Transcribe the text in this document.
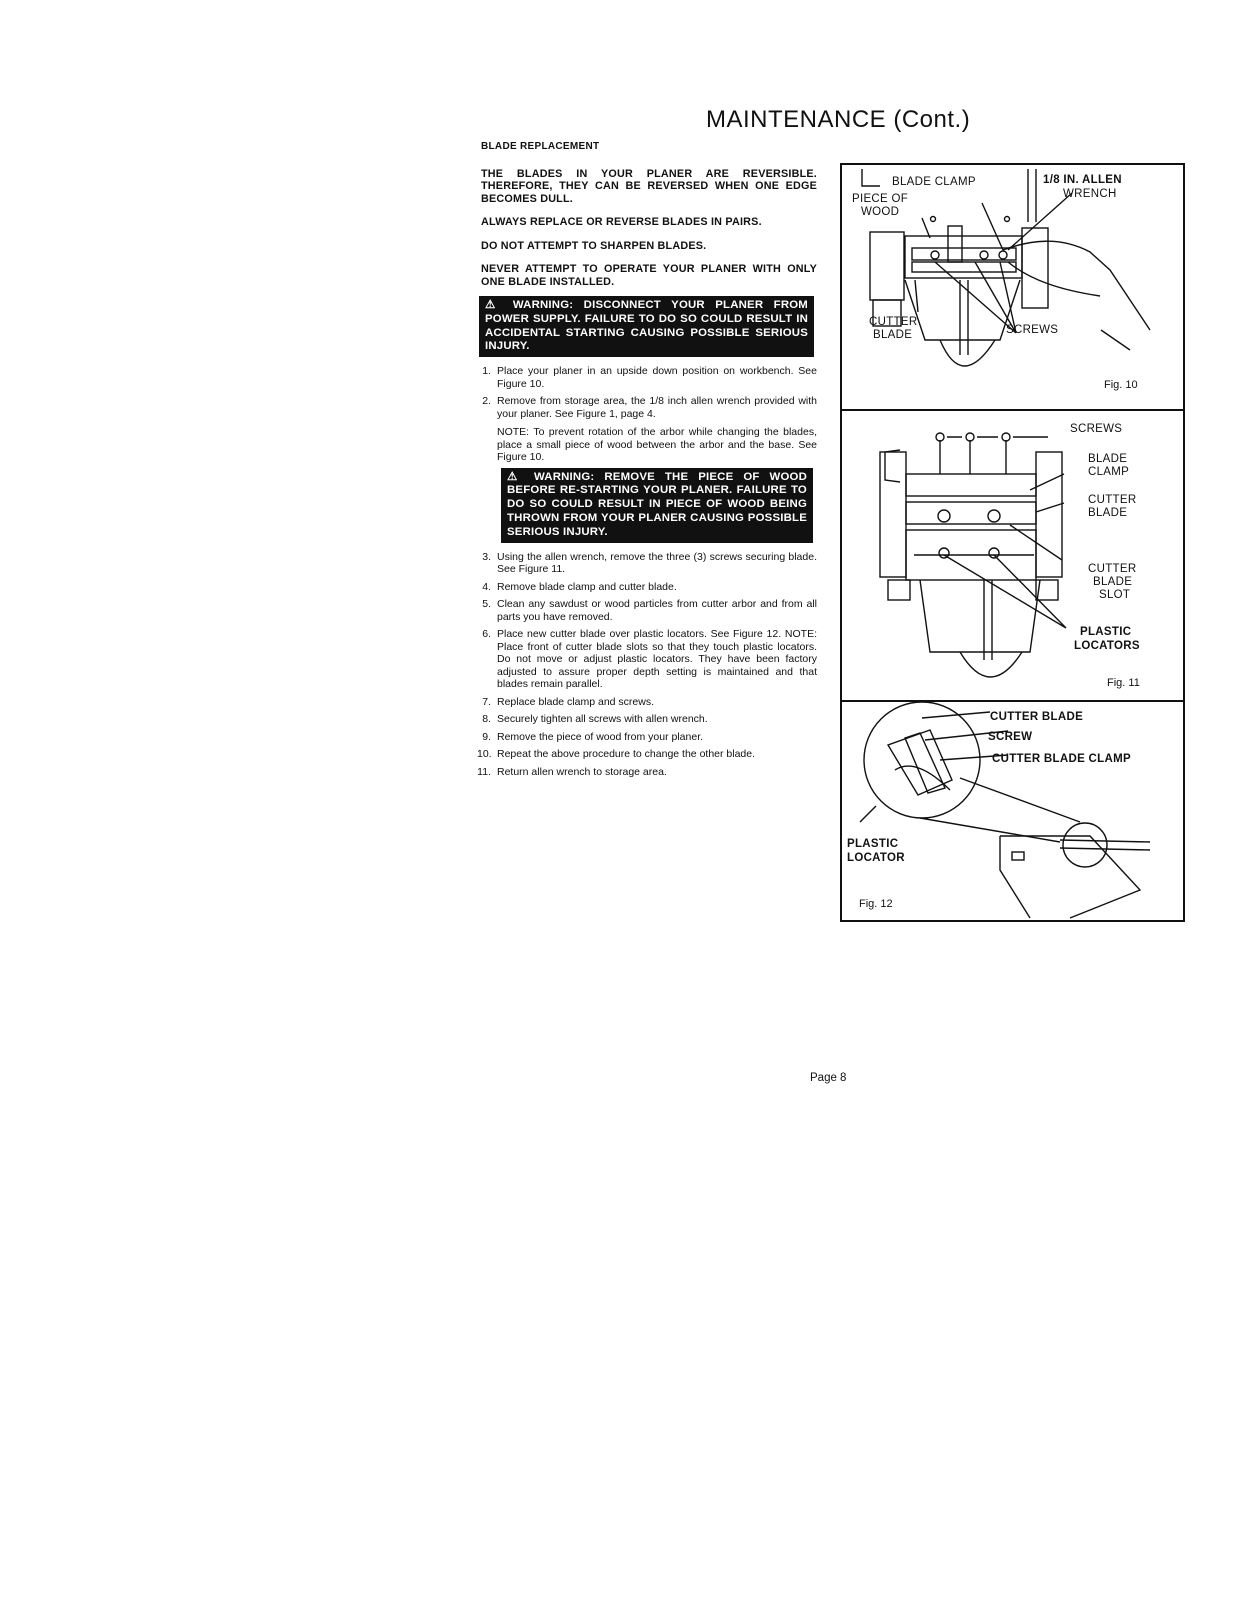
MAINTENANCE (Cont.)
BLADE REPLACEMENT

THE BLADES IN YOUR PLANER ARE REVERSIBLE. THEREFORE, THEY CAN BE REVERSED WHEN ONE EDGE BECOMES DULL.

ALWAYS REPLACE OR REVERSE BLADES IN PAIRS.

DO NOT ATTEMPT TO SHARPEN BLADES.

NEVER ATTEMPT TO OPERATE YOUR PLANER WITH ONLY ONE BLADE INSTALLED.

⚠ WARNING: DISCONNECT YOUR PLANER FROM POWER SUPPLY. FAILURE TO DO SO COULD RESULT IN ACCIDENTAL STARTING CAUSING POSSIBLE SERIOUS INJURY.
1. Place your planer in an upside down position on workbench. See Figure 10.
2. Remove from storage area, the 1/8 inch allen wrench provided with your planer. See Figure 1, page 4.
NOTE: To prevent rotation of the arbor while changing the blades, place a small piece of wood between the arbor and the base. See Figure 10.
⚠ WARNING: REMOVE THE PIECE OF WOOD BEFORE RE-STARTING YOUR PLANER. FAILURE TO DO SO COULD RESULT IN PIECE OF WOOD BEING THROWN FROM YOUR PLANER CAUSING POSSIBLE SERIOUS INJURY.
3. Using the allen wrench, remove the three (3) screws securing blade. See Figure 11.
4. Remove blade clamp and cutter blade.
5. Clean any sawdust or wood particles from cutter arbor and from all parts you have removed.
6. Place new cutter blade over plastic locators. See Figure 12. NOTE: Place front of cutter blade slots so that they touch plastic locators. Do not move or adjust plastic locators. They have been factory adjusted to assure proper depth setting is maintained and that blades remain parallel.
7. Replace blade clamp and screws.
8. Securely tighten all screws with allen wrench.
9. Remove the piece of wood from your planer.
10. Repeat the above procedure to change the other blade.
11. Return allen wrench to storage area.
BLADE CLAMP	1/8 IN. ALLEN
WRENCH
PIECE OF
WOOD
CUTTER
BLADE	SCREWS
Fig. 10
SCREWS
BLADE
CLAMP
CUTTER
BLADE
CUTTER
BLADE
SLOT
PLASTIC
LOCATORS
Fig. 11
CUTTER BLADE
SCREW
CUTTER BLADE CLAMP
PLASTIC
LOCATOR
Fig. 12
Page 8
